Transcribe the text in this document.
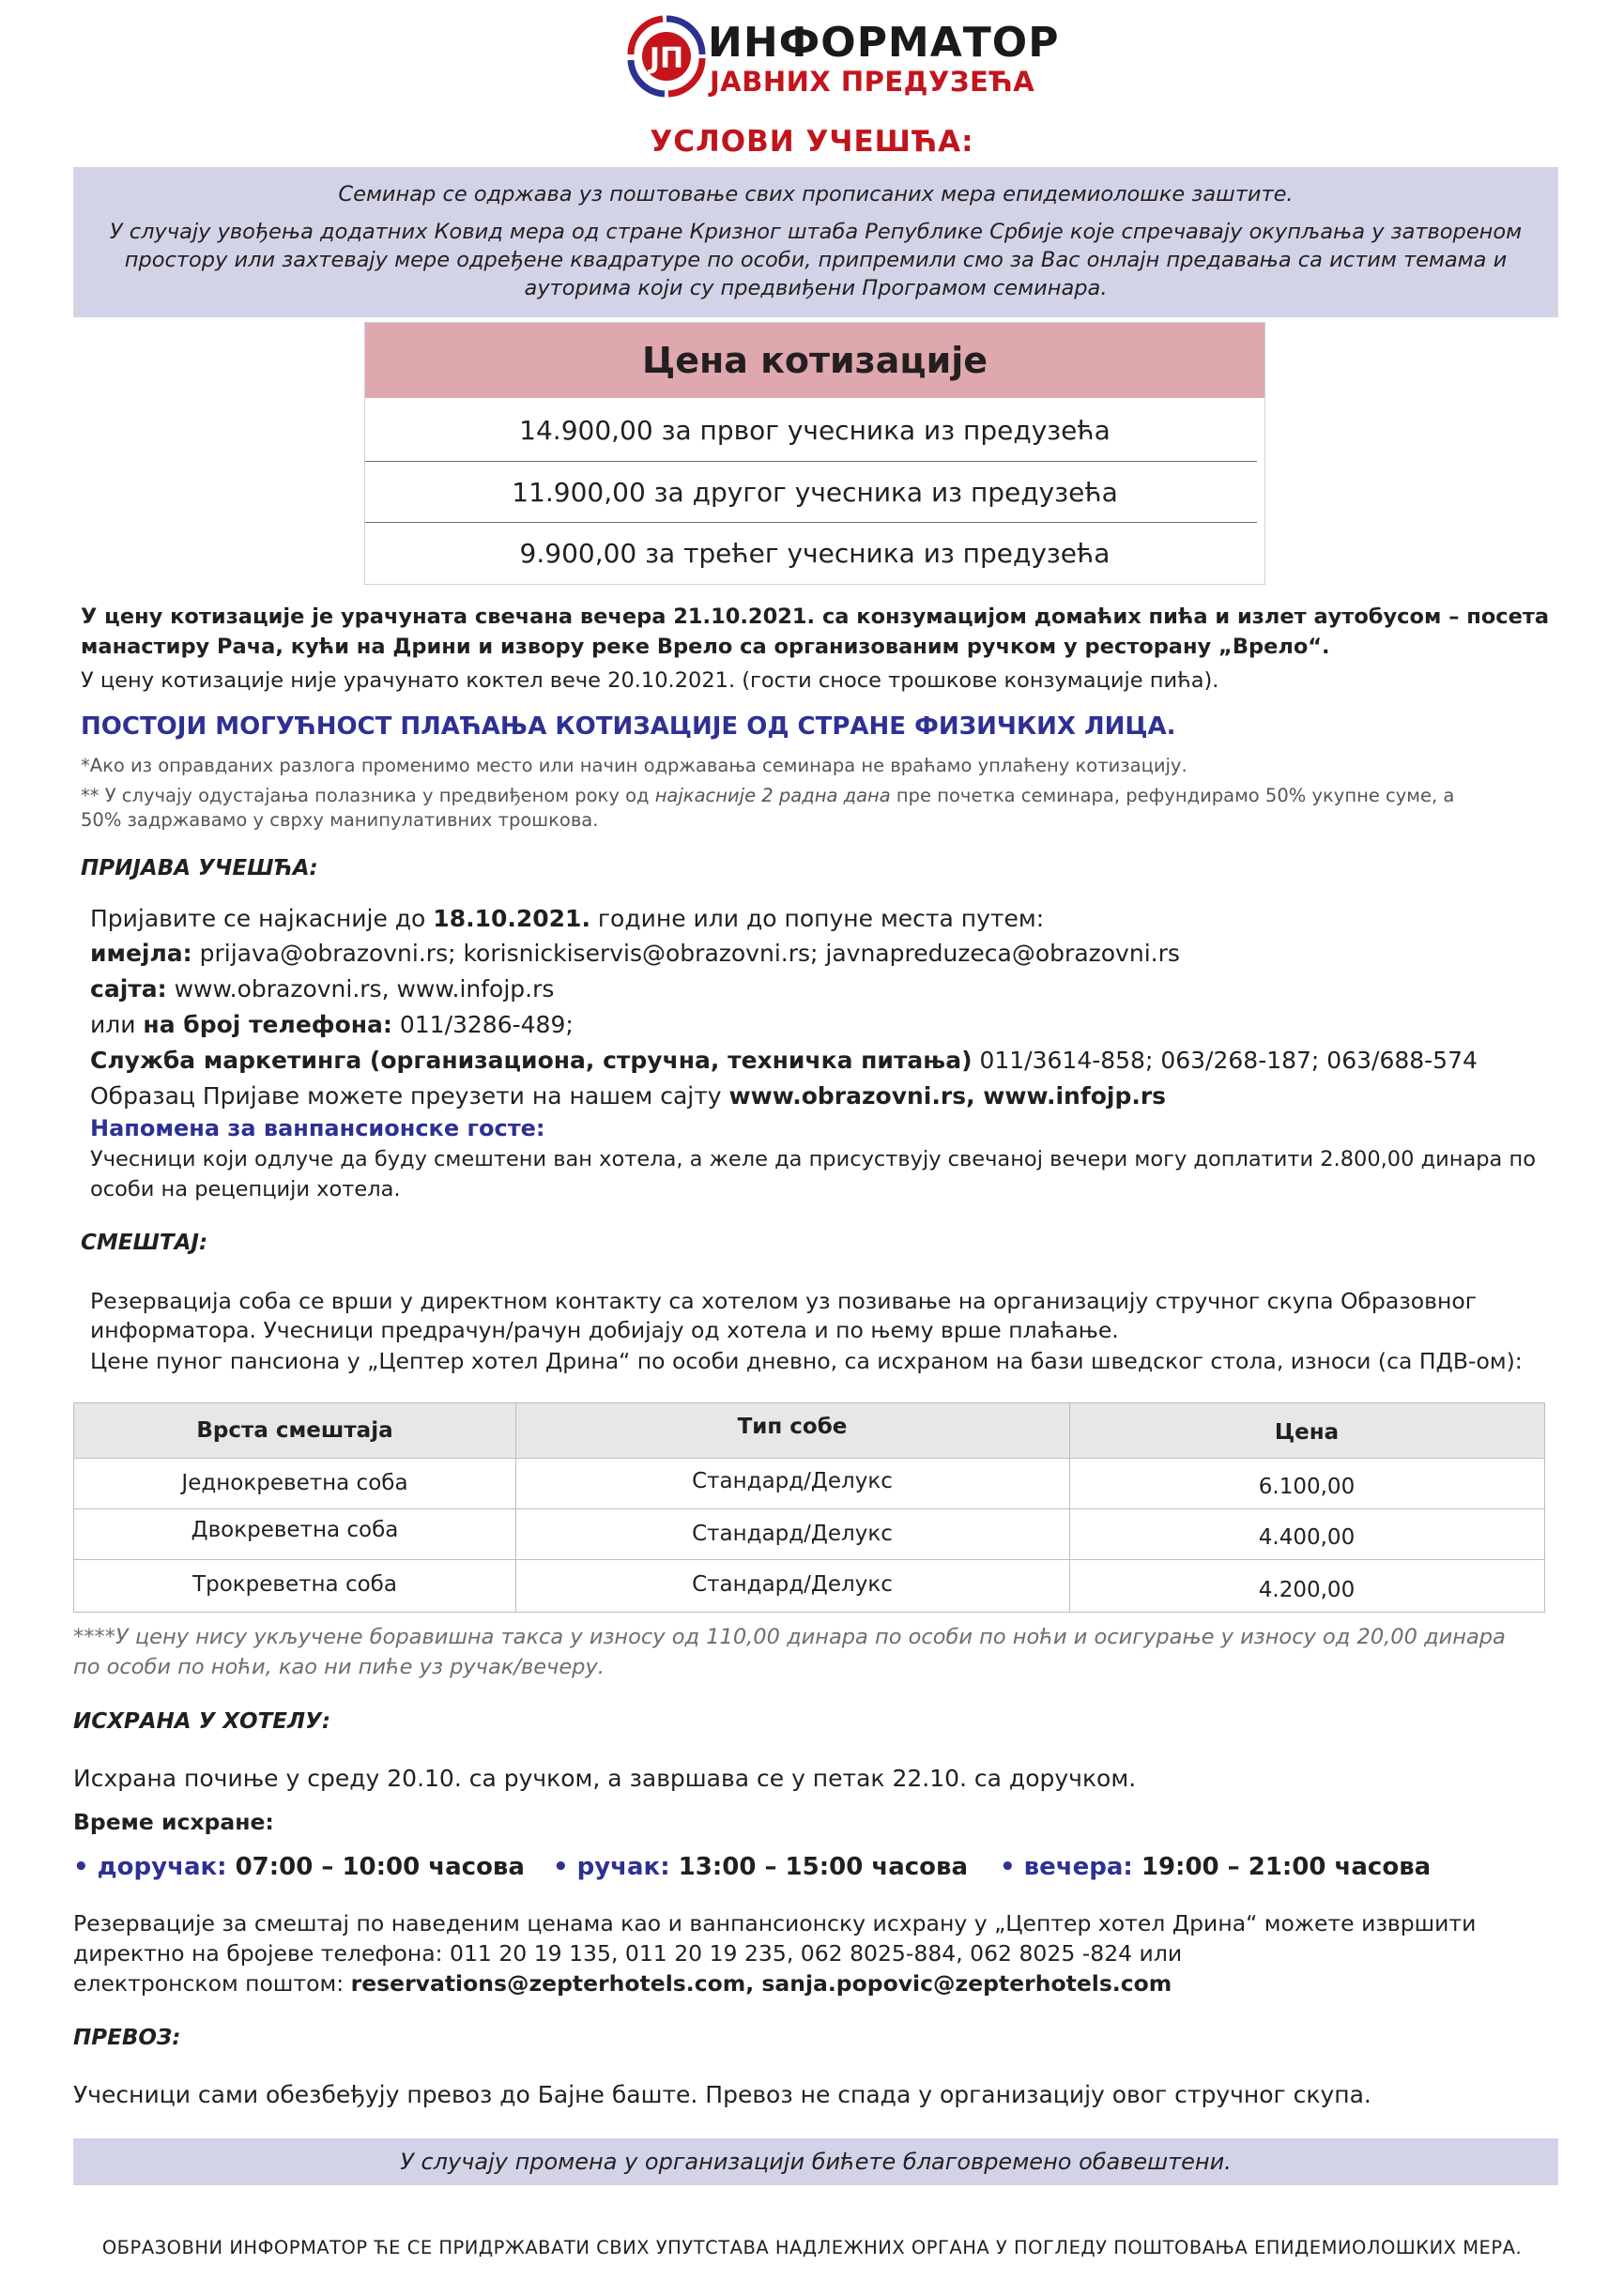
ЈП ИНФОРМАТОР
ЈАВНИХ ПРЕДУЗЕЋА
УСЛОВИ УЧЕШЋА:
Семинар се одржава уз поштовање свих прописаних мера епидемиолошке заштите.
У случају увођења додатних Ковид мера од стране Кризног штаба Републике Србије које спречавају окупљања у затвореном
простору или захтевају мере одређене квадратуре по особи, припремили смо за Вас онлајн предавања са истим темама и
ауторима који су предвиђени Програмом семинара.
Цена котизације
14.900,00 за првог учесника из предузећа
11.900,00 за другог учесника из предузећа
9.900,00 за трећег учесника из предузећа
У цену котизације је урачуната свечана вечера 21.10.2021. са конзумацијом домаћих пића и излет аутобусом – посета
манастиру Рача, кући на Дрини и извору реке Врело са организованим ручком у ресторану „Врело“.
У цену котизације није урачунато коктел вече 20.10.2021. (гости сносе трошкове конзумације пића).
ПОСТОЈИ МОГУЋНОСТ ПЛАЋАЊА КОТИЗАЦИЈЕ ОД СТРАНЕ ФИЗИЧКИХ ЛИЦА.
*Ако из оправданих разлога променимо место или начин одржавања семинара не враћамо уплаћену котизацију.
** У случају одустајања полазника у предвиђеном року од најкасније 2 радна дана пре почетка семинара, рефундирамо 50% укупне суме, а
50% задржавамо у сврху манипулативних трошкова.
ПРИЈАВА УЧЕШЋА:
Пријавите се најкасније до 18.10.2021. године или до попуне места путем:
имејла: prijava@obrazovni.rs; korisnickiservis@obrazovni.rs; javnapreduzeca@obrazovni.rs
сајта: www.obrazovni.rs, www.infojp.rs
или на број телефона: 011/3286-489;
Служба маркетинга (организациона, стручна, техничка питања) 011/3614-858; 063/268-187; 063/688-574
Образац Пријаве можете преузети на нашем сајту www.obrazovni.rs, www.infojp.rs
Напомена за ванпансионске госте:
Учесници који одлуче да буду смештени ван хотела, а желе да присуствују свечаној вечери могу доплатити 2.800,00 динара по
особи на рецепцији хотела.
СМЕШТАЈ:
Резервација соба се врши у директном контакту са хотелом уз позивање на организацију стручног скупа Образовног
информатора. Учесници предрачун/рачун добијају од хотела и по њему врше плаћање.
Цене пуног пансиона у „Цептер хотел Дрина“ по особи дневно, са исхраном на бази шведског стола, износи (са ПДВ-ом):
Врста смештаја	Тип собе	Цена
Једнокреветна соба	Стандард/Делукс	6.100,00
Двокреветна соба	Стандард/Делукс	4.400,00
Трокреветна соба	Стандард/Делукс	4.200,00
****У цену нису укључене боравишна такса у износу од 110,00 динара по особи по ноћи и осигурање у износу од 20,00 динара
по особи по ноћи, као ни пиће уз ручак/вечеру.
ИСХРАНА У ХОТЕЛУ:
Исхрана почиње у среду 20.10. са ручком, а завршава се у петак 22.10. са доручком.
Време исхране:
• доручак: 07:00 – 10:00 часова • ручак: 13:00 – 15:00 часова • вечера: 19:00 – 21:00 часова
Резервације за смештај по наведеним ценама као и ванпансионску исхрану у „Цептер хотел Дрина“ можете извршити
директно на бројеве телефона: 011 20 19 135, 011 20 19 235, 062 8025-884, 062 8025 -824 или
електронском поштом: reservations@zepterhotels.com, sanja.popovic@zepterhotels.com
ПРЕВОЗ:
Учесници сами обезбеђују превоз до Бајне баште. Превоз не спада у организацију овог стручног скупа.
У случају промена у организацији бићете благовремено обавештени.
ОБРАЗОВНИ ИНФОРМАТОР ЋЕ СЕ ПРИДРЖАВАТИ СВИХ УПУТСТАВА НАДЛЕЖНИХ ОРГАНА У ПОГЛЕДУ ПОШТОВАЊА ЕПИДЕМИОЛОШКИХ МЕРА.
